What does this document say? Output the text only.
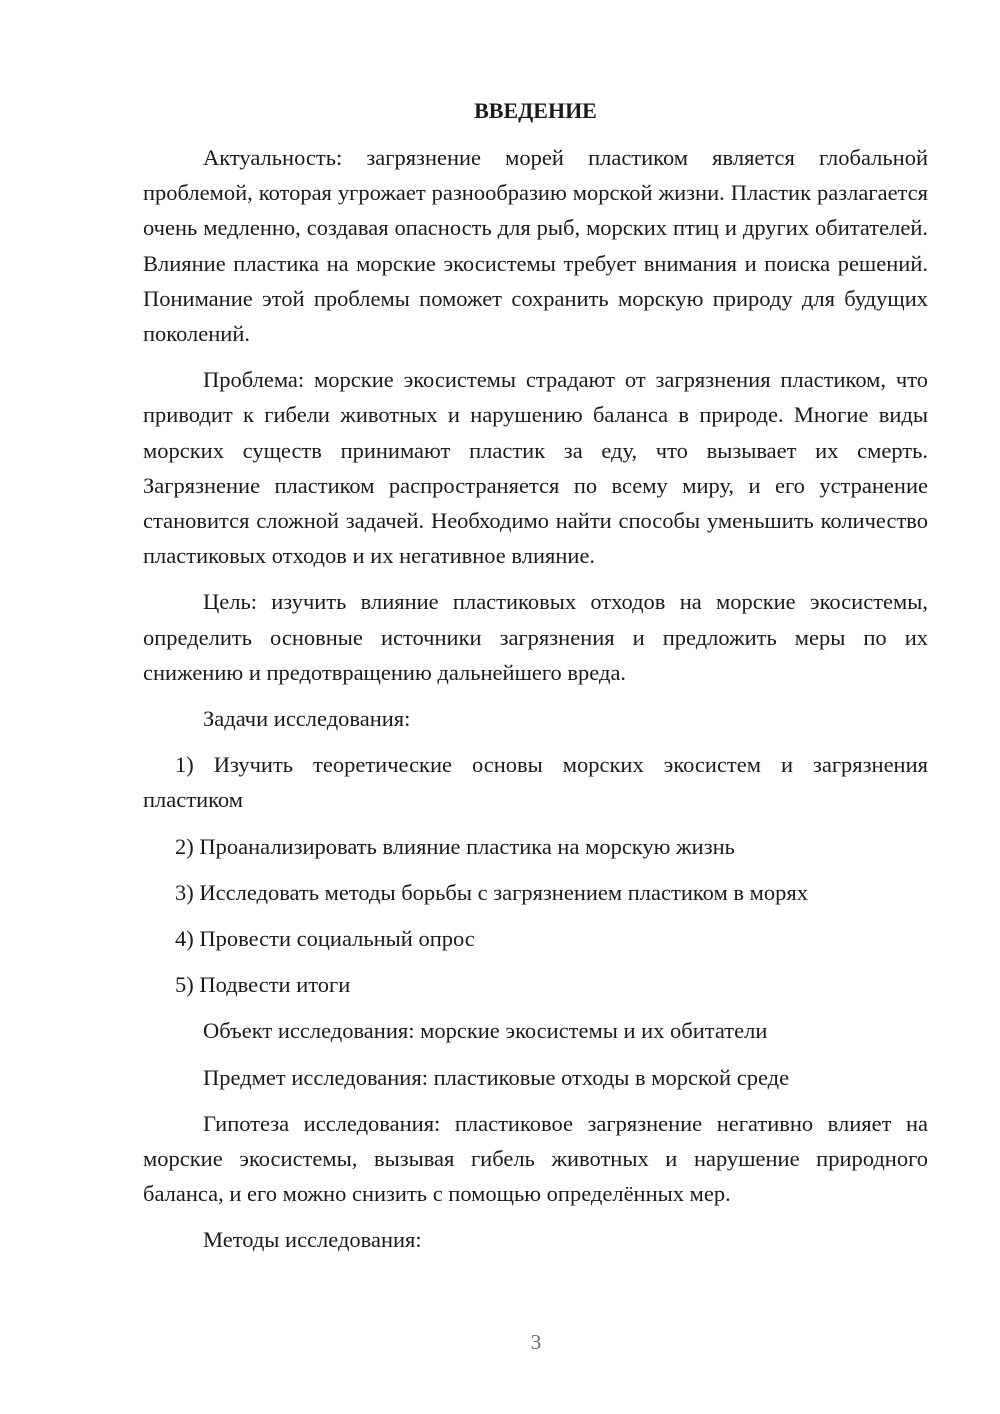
ВВЕДЕНИЕ

Актуальность: загрязнение морей пластиком является глобальной проблемой, которая угрожает разнообразию морской жизни. Пластик разлагается очень медленно, создавая опасность для рыб, морских птиц и других обитателей. Влияние пластика на морские экосистемы требует внимания и поиска решений. Понимание этой проблемы поможет сохранить морскую природу для будущих поколений.

Проблема: морские экосистемы страдают от загрязнения пластиком, что приводит к гибели животных и нарушению баланса в природе. Многие виды морских существ принимают пластик за еду, что вызывает их смерть. Загрязнение пластиком распространяется по всему миру, и его устранение становится сложной задачей. Необходимо найти способы уменьшить количество пластиковых отходов и их негативное влияние.

Цель: изучить влияние пластиковых отходов на морские экосистемы, определить основные источники загрязнения и предложить меры по их снижению и предотвращению дальнейшего вреда.

Задачи исследования:

1) Изучить теоретические основы морских экосистем и загрязнения пластиком

2) Проанализировать влияние пластика на морскую жизнь

3) Исследовать методы борьбы с загрязнением пластиком в морях

4) Провести социальный опрос

5) Подвести итоги

Объект исследования: морские экосистемы и их обитатели

Предмет исследования: пластиковые отходы в морской среде

Гипотеза исследования: пластиковое загрязнение негативно влияет на морские экосистемы, вызывая гибель животных и нарушение природного баланса, и его можно снизить с помощью определённых мер.

Методы исследования:

3
